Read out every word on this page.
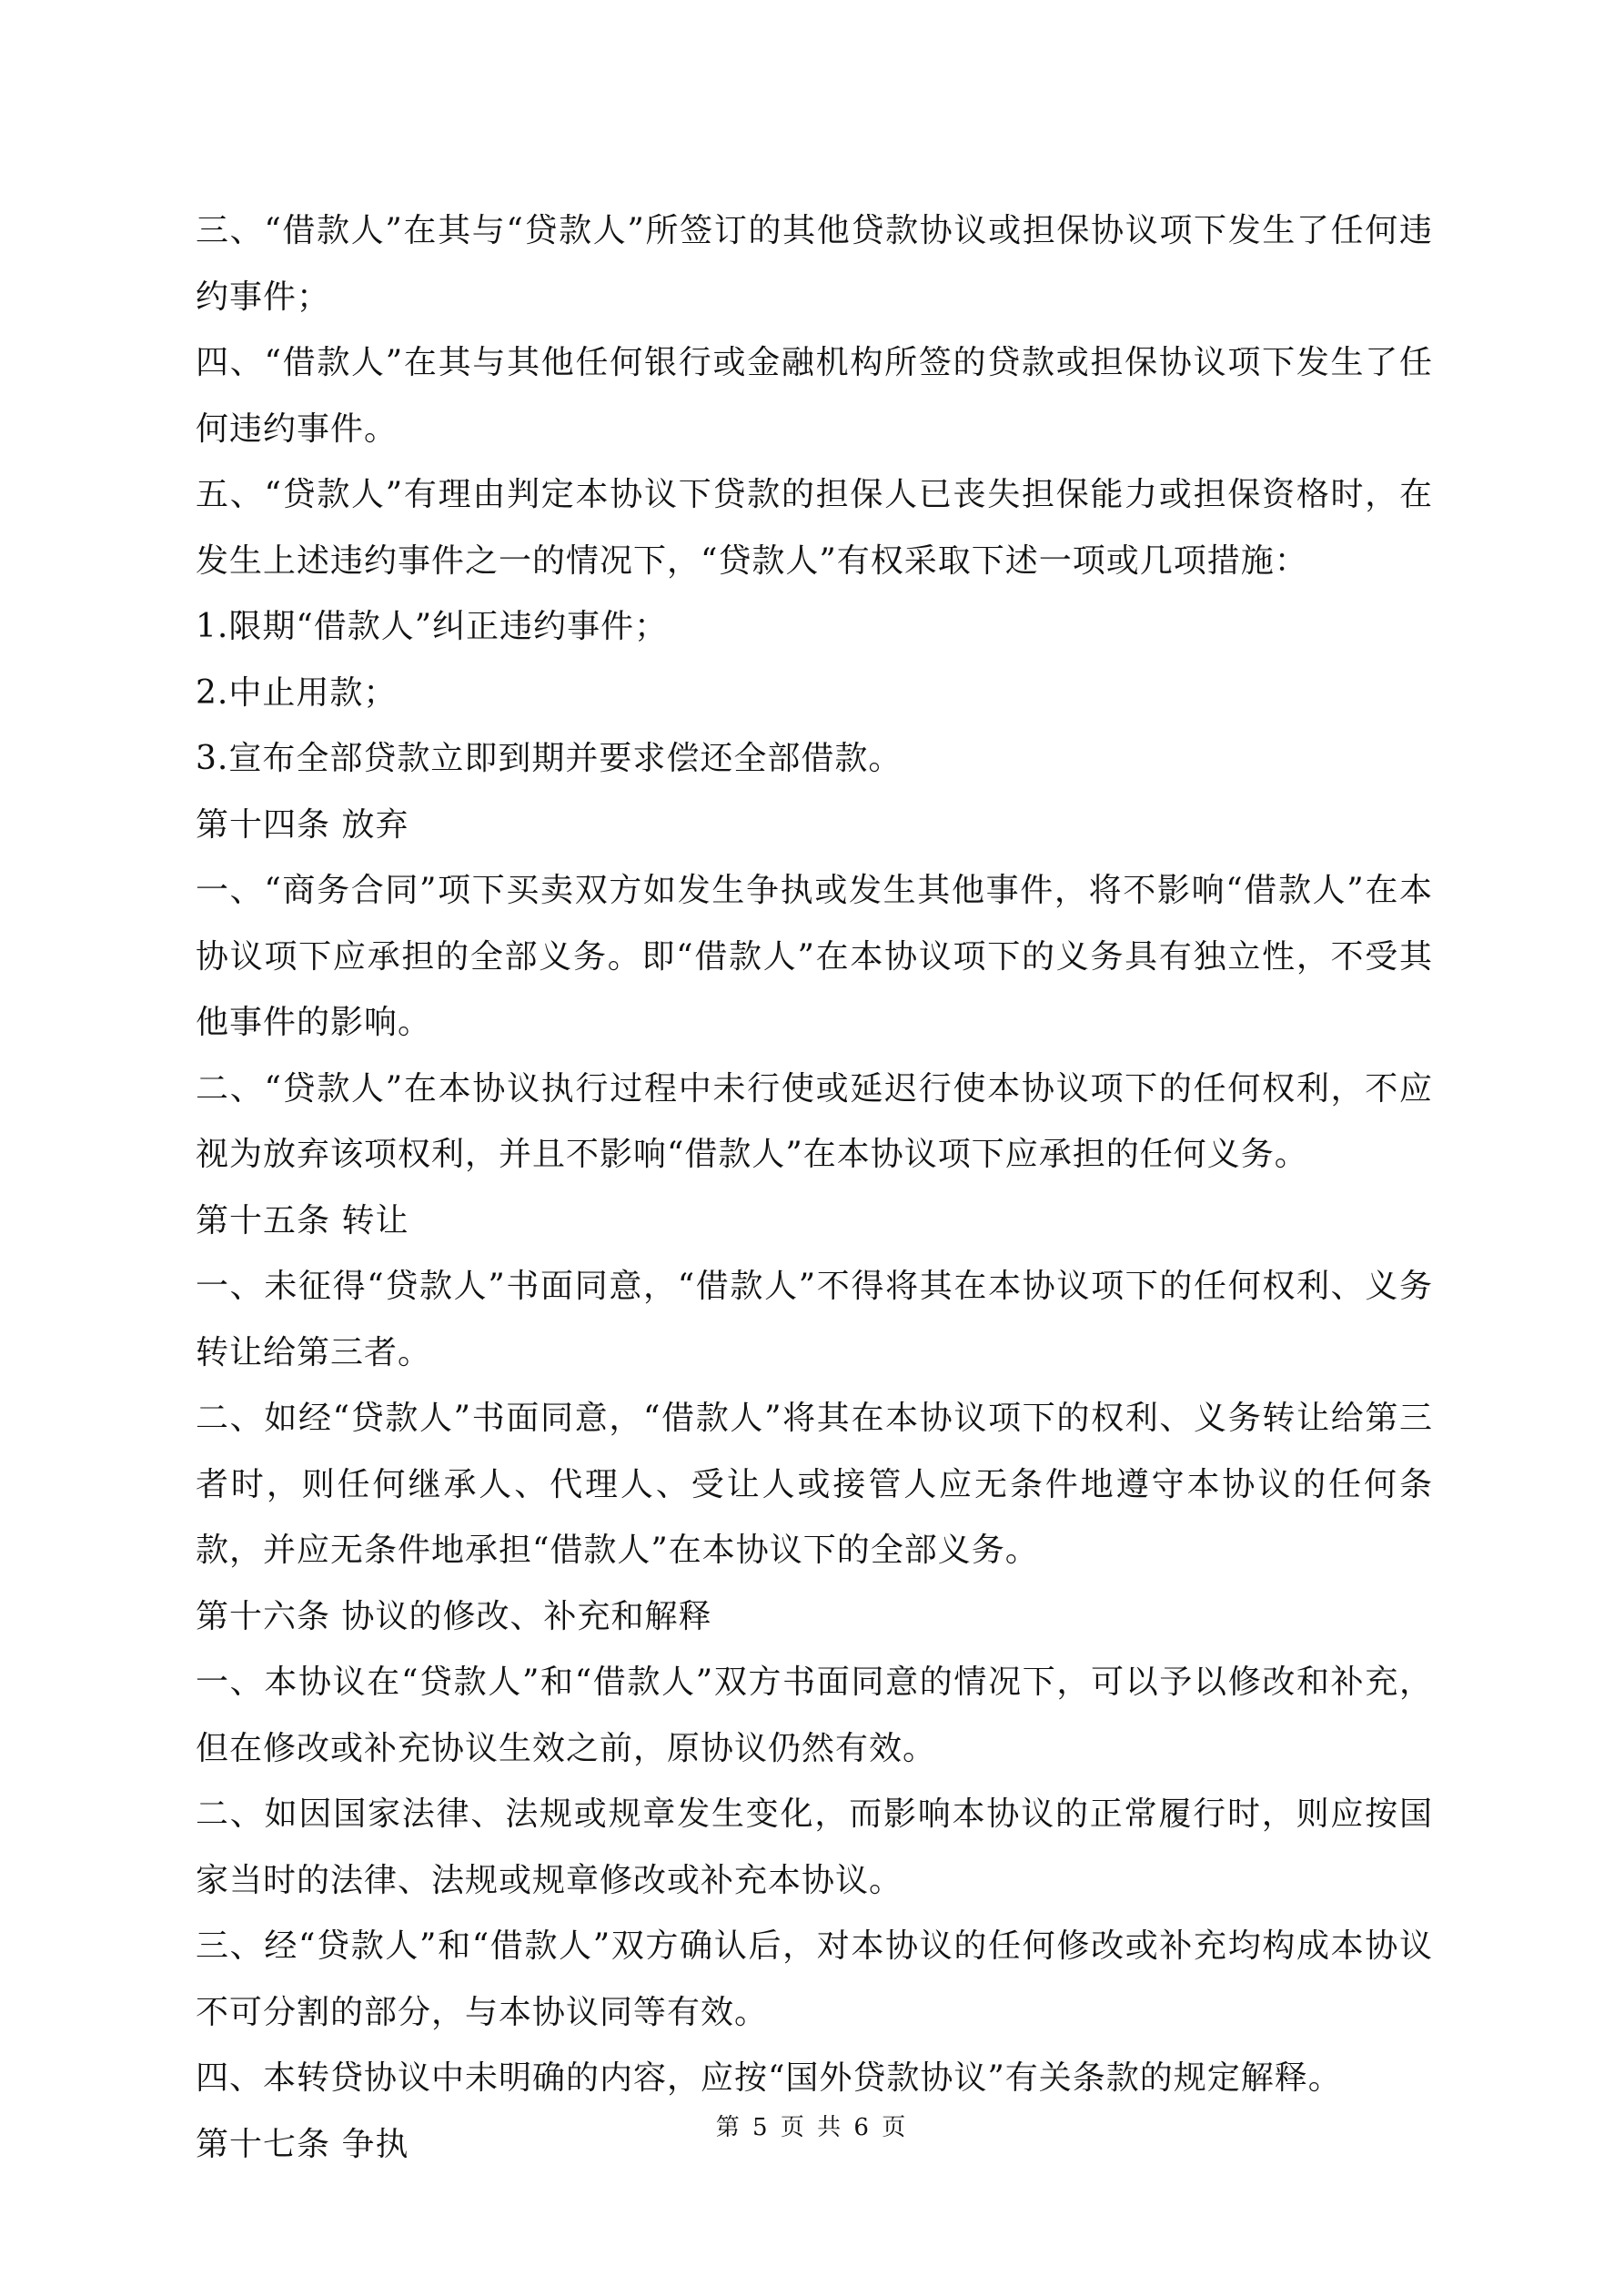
三、“借款人”在其与“贷款人”所签订的其他贷款协议或担保协议项下发生了任何违约事件；

四、“借款人”在其与其他任何银行或金融机构所签的贷款或担保协议项下发生了任何违约事件。

五、“贷款人”有理由判定本协议下贷款的担保人已丧失担保能力或担保资格时，在发生上述违约事件之一的情况下，“贷款人”有权采取下述一项或几项措施：

1.限期“借款人”纠正违约事件；

2.中止用款；

3.宣布全部贷款立即到期并要求偿还全部借款。

第十四条 放弃

一、“商务合同”项下买卖双方如发生争执或发生其他事件，将不影响“借款人”在本协议项下应承担的全部义务。即“借款人”在本协议项下的义务具有独立性，不受其他事件的影响。

二、“贷款人”在本协议执行过程中未行使或延迟行使本协议项下的任何权利，不应视为放弃该项权利，并且不影响“借款人”在本协议项下应承担的任何义务。

第十五条 转让

一、未征得“贷款人”书面同意，“借款人”不得将其在本协议项下的任何权利、义务转让给第三者。

二、如经“贷款人”书面同意，“借款人”将其在本协议项下的权利、义务转让给第三者时，则任何继承人、代理人、受让人或接管人应无条件地遵守本协议的任何条款，并应无条件地承担“借款人”在本协议下的全部义务。

第十六条 协议的修改、补充和解释

一、本协议在“贷款人”和“借款人”双方书面同意的情况下，可以予以修改和补充，但在修改或补充协议生效之前，原协议仍然有效。

二、如因国家法律、法规或规章发生变化，而影响本协议的正常履行时，则应按国家当时的法律、法规或规章修改或补充本协议。

三、经“贷款人”和“借款人”双方确认后，对本协议的任何修改或补充均构成本协议不可分割的部分，与本协议同等有效。

四、本转贷协议中未明确的内容，应按“国外贷款协议”有关条款的规定解释。

第十七条 争执	第 5 页 共 6 页
